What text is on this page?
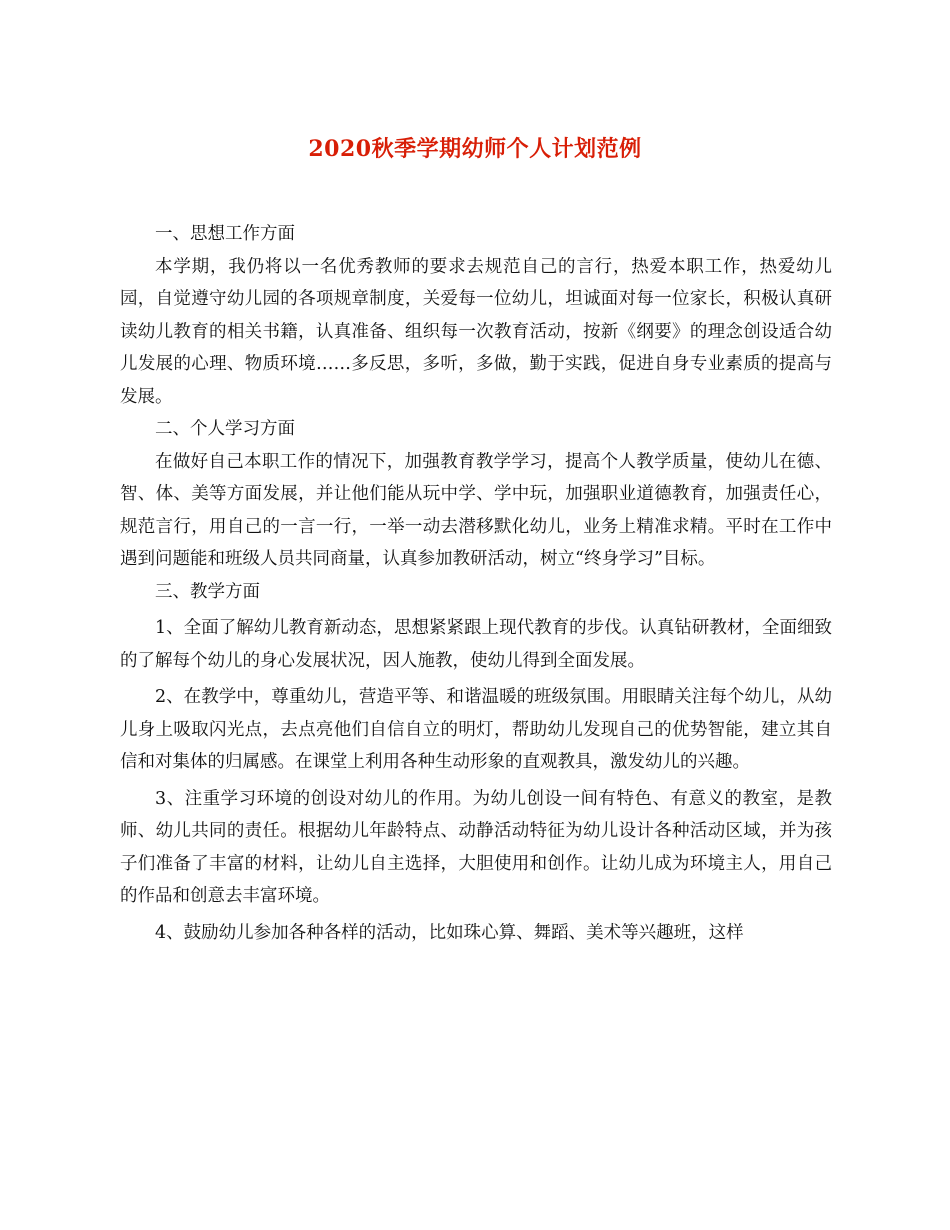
2020秋季学期幼师个人计划范例

一、思想工作方面

本学期，我仍将以一名优秀教师的要求去规范自己的言行，热爱本职工作，热爱幼儿园，自觉遵守幼儿园的各项规章制度，关爱每一位幼儿，坦诚面对每一位家长，积极认真研读幼儿教育的相关书籍，认真准备、组织每一次教育活动，按新《纲要》的理念创设适合幼儿发展的心理、物质环境……多反思，多听，多做，勤于实践，促进自身专业素质的提高与发展。

二、个人学习方面

在做好自己本职工作的情况下，加强教育教学学习，提高个人教学质量，使幼儿在德、智、体、美等方面发展，并让他们能从玩中学、学中玩，加强职业道德教育，加强责任心，规范言行，用自己的一言一行，一举一动去潜移默化幼儿，业务上精准求精。平时在工作中遇到问题能和班级人员共同商量，认真参加教研活动，树立“终身学习”目标。

三、教学方面

1、全面了解幼儿教育新动态，思想紧紧跟上现代教育的步伐。认真钻研教材，全面细致的了解每个幼儿的身心发展状况，因人施教，使幼儿得到全面发展。

2、在教学中，尊重幼儿，营造平等、和谐温暖的班级氛围。用眼睛关注每个幼儿，从幼儿身上吸取闪光点，去点亮他们自信自立的明灯，帮助幼儿发现自己的优势智能，建立其自信和对集体的归属感。在课堂上利用各种生动形象的直观教具，激发幼儿的兴趣。

3、注重学习环境的创设对幼儿的作用。为幼儿创设一间有特色、有意义的教室，是教师、幼儿共同的责任。根据幼儿年龄特点、动静活动特征为幼儿设计各种活动区域，并为孩子们准备了丰富的材料，让幼儿自主选择，大胆使用和创作。让幼儿成为环境主人，用自己的作品和创意去丰富环境。

4、鼓励幼儿参加各种各样的活动，比如珠心算、舞蹈、美术等兴趣班，这样
